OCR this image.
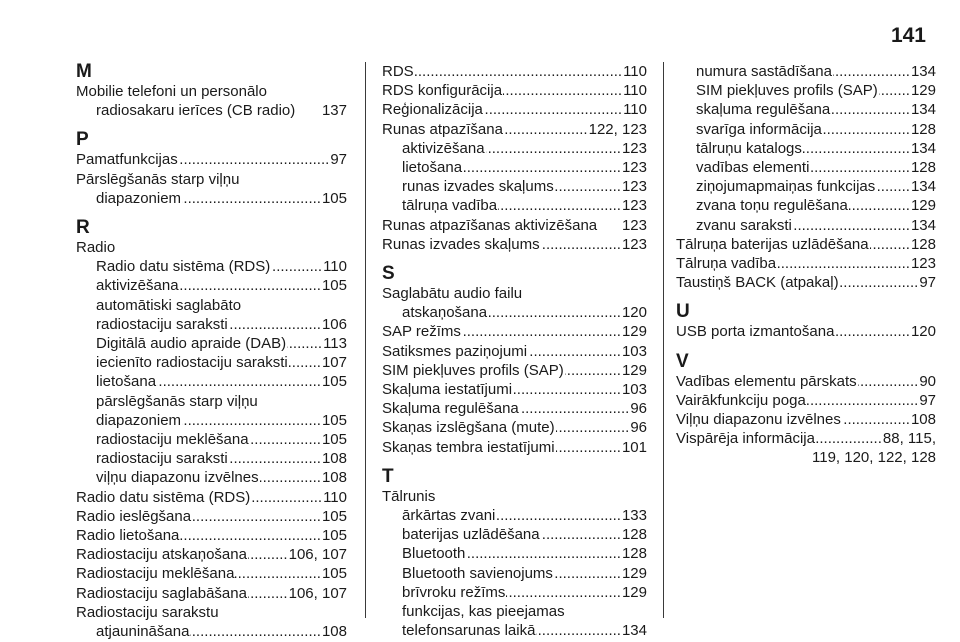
141
M
Mobilie telefoni un personālo
radiosakaru ierīces (CB radio) 137
P
Pamatfunkcijas .....	97
Pārslēgšanās starp viļņu
diapazoniem .....	105
R
Radio
Radio datu sistēma (RDS) .....	110
aktivizēšana .....	105
automātiski saglabāto
radiostaciju saraksti .....	106
Digitālā audio apraide (DAB) ..... 113
iecienīto radiostaciju saraksti ..... 107
lietošana .....	105
pārslēgšanās starp viļņu
diapazoniem .....	105
radiostaciju meklēšana .....	105
radiostaciju saraksti .....	108
viļņu diapazonu izvēlnes .....	108
Radio datu sistēma (RDS) .....	110
Radio ieslēgšana .....	105
Radio lietošana .....	105
Radiostaciju atskaņošana .....	106, 107
Radiostaciju meklēšana .....	105
Radiostaciju saglabāšana .....	106, 107
Radiostaciju sarakstu
atjaunināšana .....	108
RDS .....	110
RDS konfigurācija .....	110
Reģionalizācija .....	110
Runas atpazīšana .....	122, 123
aktivizēšana .....	123
lietošana .....	123
runas izvades skaļums .....	123
tālruņa vadība .....	123
Runas atpazīšanas aktivizēšana 123
Runas izvades skaļums .....	123
S
Saglabātu audio failu
atskaņošana .....	120
SAP režīms .....	129
Satiksmes paziņojumi .....	103
SIM piekļuves profils (SAP) .....	129
Skaļuma iestatījumi .....	103
Skaļuma regulēšana .....	96
Skaņas izslēgšana (mute) .....	96
Skaņas tembra iestatījumi .....	101
T
Tālrunis
ārkārtas zvani .....	133
baterijas uzlādēšana .....	128
Bluetooth .....	128
Bluetooth savienojums .....	129
brīvroku režīms .....	129
funkcijas, kas pieejamas
telefonsarunas laikā .....	134
numura sastādīšana .....	134
SIM piekļuves profils (SAP) ..... 129
skaļuma regulēšana .....	134
svarīga informācija .....	128
tālruņu katalogs .....	134
vadības elementi .....	128
ziņojumapmaiņas funkcijas ..... 134
zvana toņu regulēšana .....	129
zvanu saraksti .....	134
Tālruņa baterijas uzlādēšana .....	128
Tālruņa vadība .....	123
Taustiņš BACK (atpakaļ) .....	97
U
USB porta izmantošana .....	120
V
Vadības elementu pārskats .....	90
Vairākfunkciju poga .....	97
Viļņu diapazonu izvēlnes .....	108
Vispārēja informācija .....	88, 115,
119, 120, 122, 128
